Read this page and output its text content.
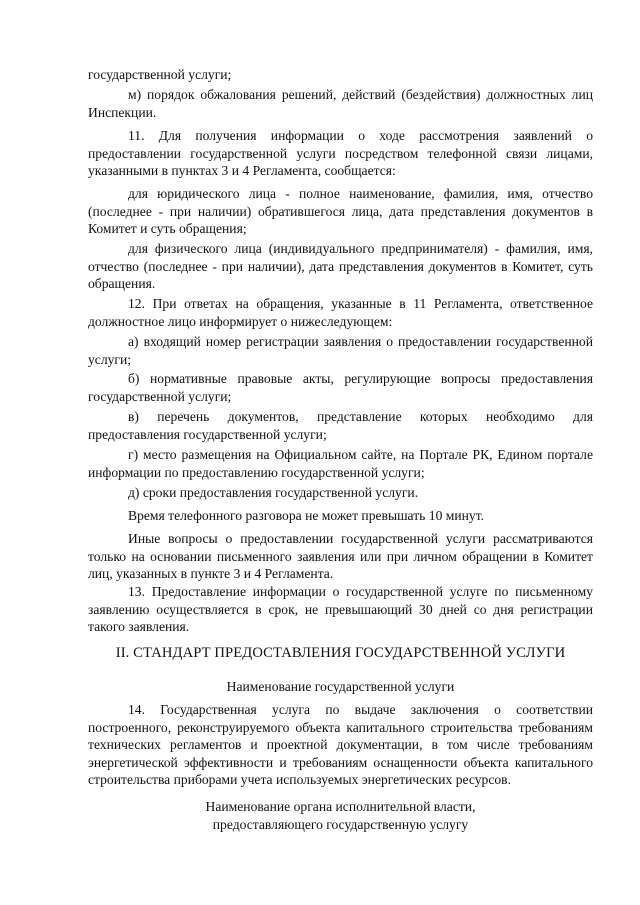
государственной услуги;

м) порядок обжалования решений, действий (бездействия) должностных лиц Инспекции.

11. Для получения информации о ходе рассмотрения заявлений о предоставлении государственной услуги посредством телефонной связи лицами, указанными в пунктах 3 и 4 Регламента, сообщается:

для юридического лица - полное наименование, фамилия, имя, отчество (последнее - при наличии) обратившегося лица, дата представления документов в Комитет и суть обращения;

для физического лица (индивидуального предпринимателя) - фамилия, имя, отчество (последнее - при наличии), дата представления документов в Комитет, суть обращения.

12. При ответах на обращения, указанные в 11 Регламента, ответственное должностное лицо информирует о нижеследующем:

а) входящий номер регистрации заявления о предоставлении государственной услуги;

б) нормативные правовые акты, регулирующие вопросы предоставления государственной услуги;

в) перечень документов, представление которых необходимо для предоставления государственной услуги;

г) место размещения на Официальном сайте, на Портале РК, Едином портале информации по предоставлению государственной услуги;

д) сроки предоставления государственной услуги.

Время телефонного разговора не может превышать 10 минут.

Иные вопросы о предоставлении государственной услуги рассматриваются только на основании письменного заявления или при личном обращении в Комитет лиц, указанных в пункте 3 и 4 Регламента.

13. Предоставление информации о государственной услуге по письменному заявлению осуществляется в срок, не превышающий 30 дней со дня регистрации такого заявления.

II. СТАНДАРТ ПРЕДОСТАВЛЕНИЯ ГОСУДАРСТВЕННОЙ УСЛУГИ

Наименование государственной услуги

14. Государственная услуга по выдаче заключения о соответствии построенного, реконструируемого объекта капитального строительства требованиям технических регламентов и проектной документации, в том числе требованиям энергетической эффективности и требованиям оснащенности объекта капитального строительства приборами учета используемых энергетических ресурсов.

Наименование органа исполнительной власти,

предоставляющего государственную услугу
